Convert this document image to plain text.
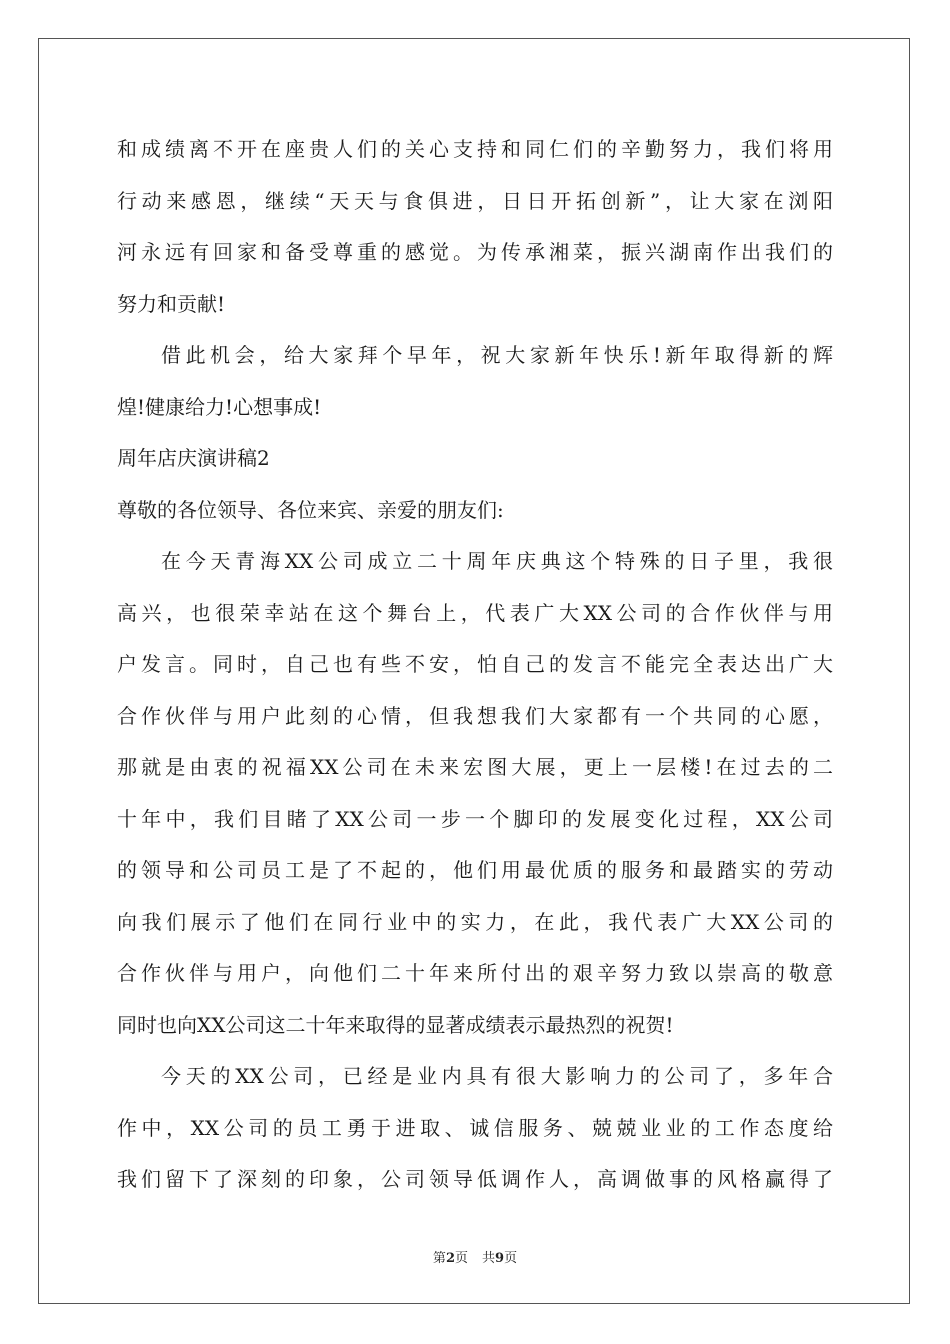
和成绩离不开在座贵人们的关心支持和同仁们的辛勤努力，我们将用
行动来感恩，继续“天天与食俱进，日日开拓创新”，让大家在浏阳
河永远有回家和备受尊重的感觉。为传承湘菜，振兴湖南作出我们的
努力和贡献!
借此机会，给大家拜个早年，祝大家新年快乐!新年取得新的辉
煌!健康给力!心想事成!
周年店庆演讲稿2
尊敬的各位领导、各位来宾、亲爱的朋友们:
在今天青海XX公司成立二十周年庆典这个特殊的日子里，我很
高兴，也很荣幸站在这个舞台上，代表广大XX公司的合作伙伴与用
户发言。同时，自己也有些不安，怕自己的发言不能完全表达出广大
合作伙伴与用户此刻的心情，但我想我们大家都有一个共同的心愿，
那就是由衷的祝福XX公司在未来宏图大展，更上一层楼!在过去的二
十年中，我们目睹了XX公司一步一个脚印的发展变化过程，XX公司
的领导和公司员工是了不起的，他们用最优质的服务和最踏实的劳动
向我们展示了他们在同行业中的实力，在此，我代表广大XX公司的
合作伙伴与用户，向他们二十年来所付出的艰辛努力致以崇高的敬意
同时也向XX公司这二十年来取得的显著成绩表示最热烈的祝贺!
今天的XX公司，已经是业内具有很大影响力的公司了，多年合
作中，XX公司的员工勇于进取、诚信服务、兢兢业业的工作态度给
我们留下了深刻的印象，公司领导低调作人，高调做事的风格赢得了
第2页 共9页
